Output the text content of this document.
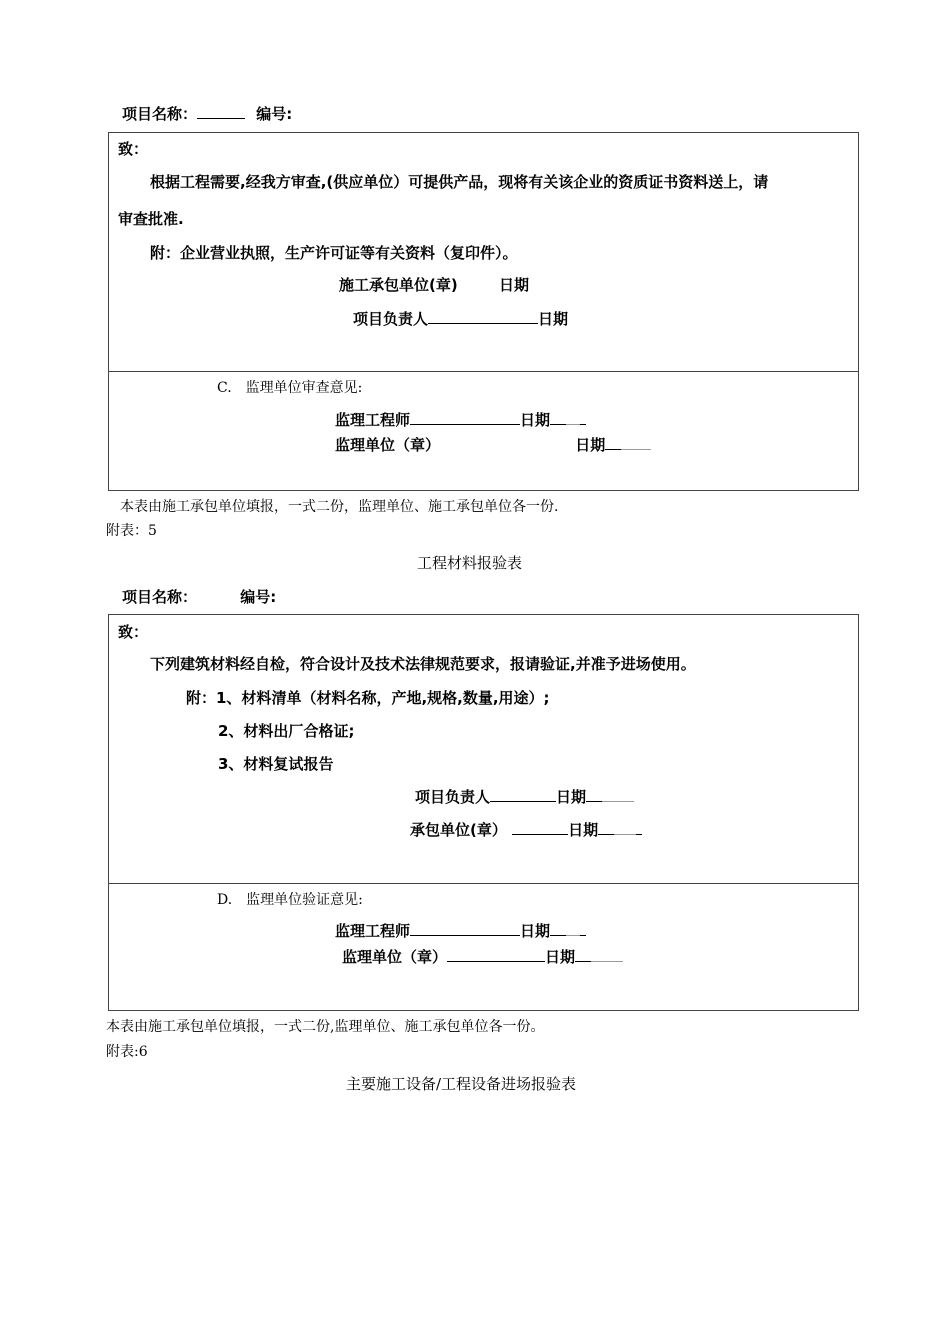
项目名称：	编号:
致：
根据工程需要,经我方审查,(供应单位）可提供产品，现将有关该企业的资质证书资料送上，请
审查批准.
附：企业营业执照，生产许可证等有关资料（复印件）。
施工承包单位(章)	日期
项目负责人	日期
C.　监理单位审查意见:
监理工程师	日期
监理单位（章）	日期
本表由施工承包单位填报，一式二份，监理单位、施工承包单位各一份.
附表：5
工程材料报验表
项目名称：	编号:
致：
下列建筑材料经自检，符合设计及技术法律规范要求，报请验证,并准予进场使用。
附：1、材料清单（材料名称，产地,规格,数量,用途）;
2、材料出厂合格证;
3、材料复试报告
项目负责人	日期
承包单位(章）	日期
D.　监理单位验证意见:
监理工程师	日期
监理单位（章）	日期
本表由施工承包单位填报，一式二份,监理单位、施工承包单位各一份。
附表:6
主要施工设备/工程设备进场报验表
